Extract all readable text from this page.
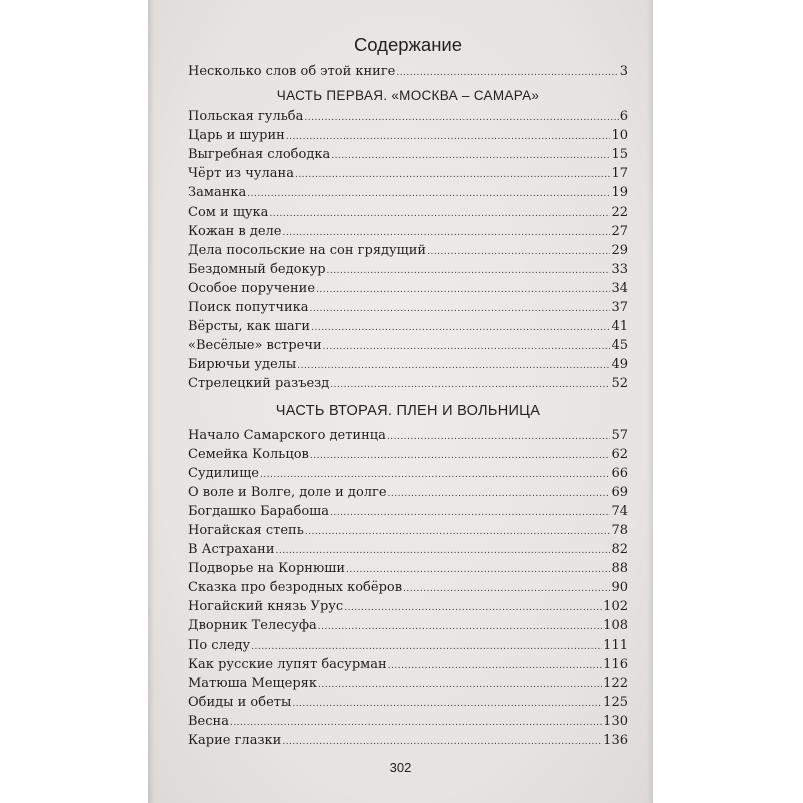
Содержание
Несколько слов об этой книге .....	3
ЧАСТЬ ПЕРВАЯ. «МОСКВА – САМАРА»
Польская гульба .....	6
Царь и шурин .....	10
Выгребная слободка .....	15
Чёрт из чулана .....	17
Заманка .....	19
Сом и щука .....	22
Кожан в деле .....	27
Дела посольские на сон грядущий .....	29
Бездомный бедокур .....	33
Особое поручение .....	34
Поиск попутчика .....	37
Вёрсты, как шаги .....	41
«Весёлые» встречи .....	45
Бирючьи уделы .....	49
Стрелецкий разъезд .....	52
ЧАСТЬ ВТОРАЯ. ПЛЕН И ВОЛЬНИЦА
Начало Самарского детинца .....	57
Семейка Кольцов .....	62
Судилище .....	66
О воле и Волге, доле и долге .....	69
Богдашко Барабоша .....	74
Ногайская степь .....	78
В Астрахани .....	82
Подворье на Корнюши .....	88
Сказка про безродных кобёров .....	90
Ногайский князь Урус .....	102
Дворник Телесуфа .....	108
По следу .....	111
Как русские лупят басурман .....	116
Матюша Мещеряк .....	122
Обиды и обеты .....	125
Весна .....	130
Карие глазки .....	136
302
